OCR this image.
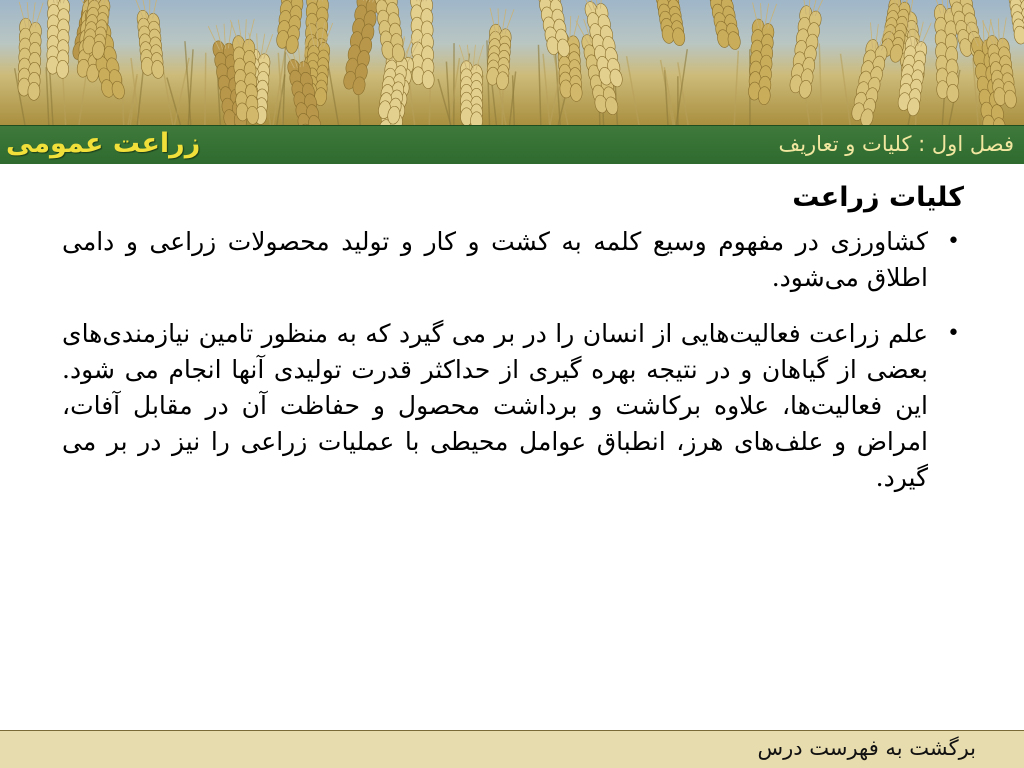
زراعت عمومی	فصل اول : کلیات و تعاریف
کلیات زراعت
•
کشاورزی در مفهوم وسیع کلمه به کشت و کار و تولید محصولات زراعی و دامی اطلاق می‌شود.
•
علم زراعت فعالیت‌هایی از انسان را در بر می گیرد که به منظور تامین نیازمندی‌های بعضی از گیاهان و در نتیجه بهره گیری از حداکثر قدرت تولیدی آنها انجام می شود. این فعالیت‌ها، علاوه برکاشت و برداشت محصول و حفاظت آن در مقابل آفات، امراض و علف‌های هرز، انطباق عوامل محیطی با عملیات زراعی را نیز در بر می گیرد.
برگشت به فهرست درس
